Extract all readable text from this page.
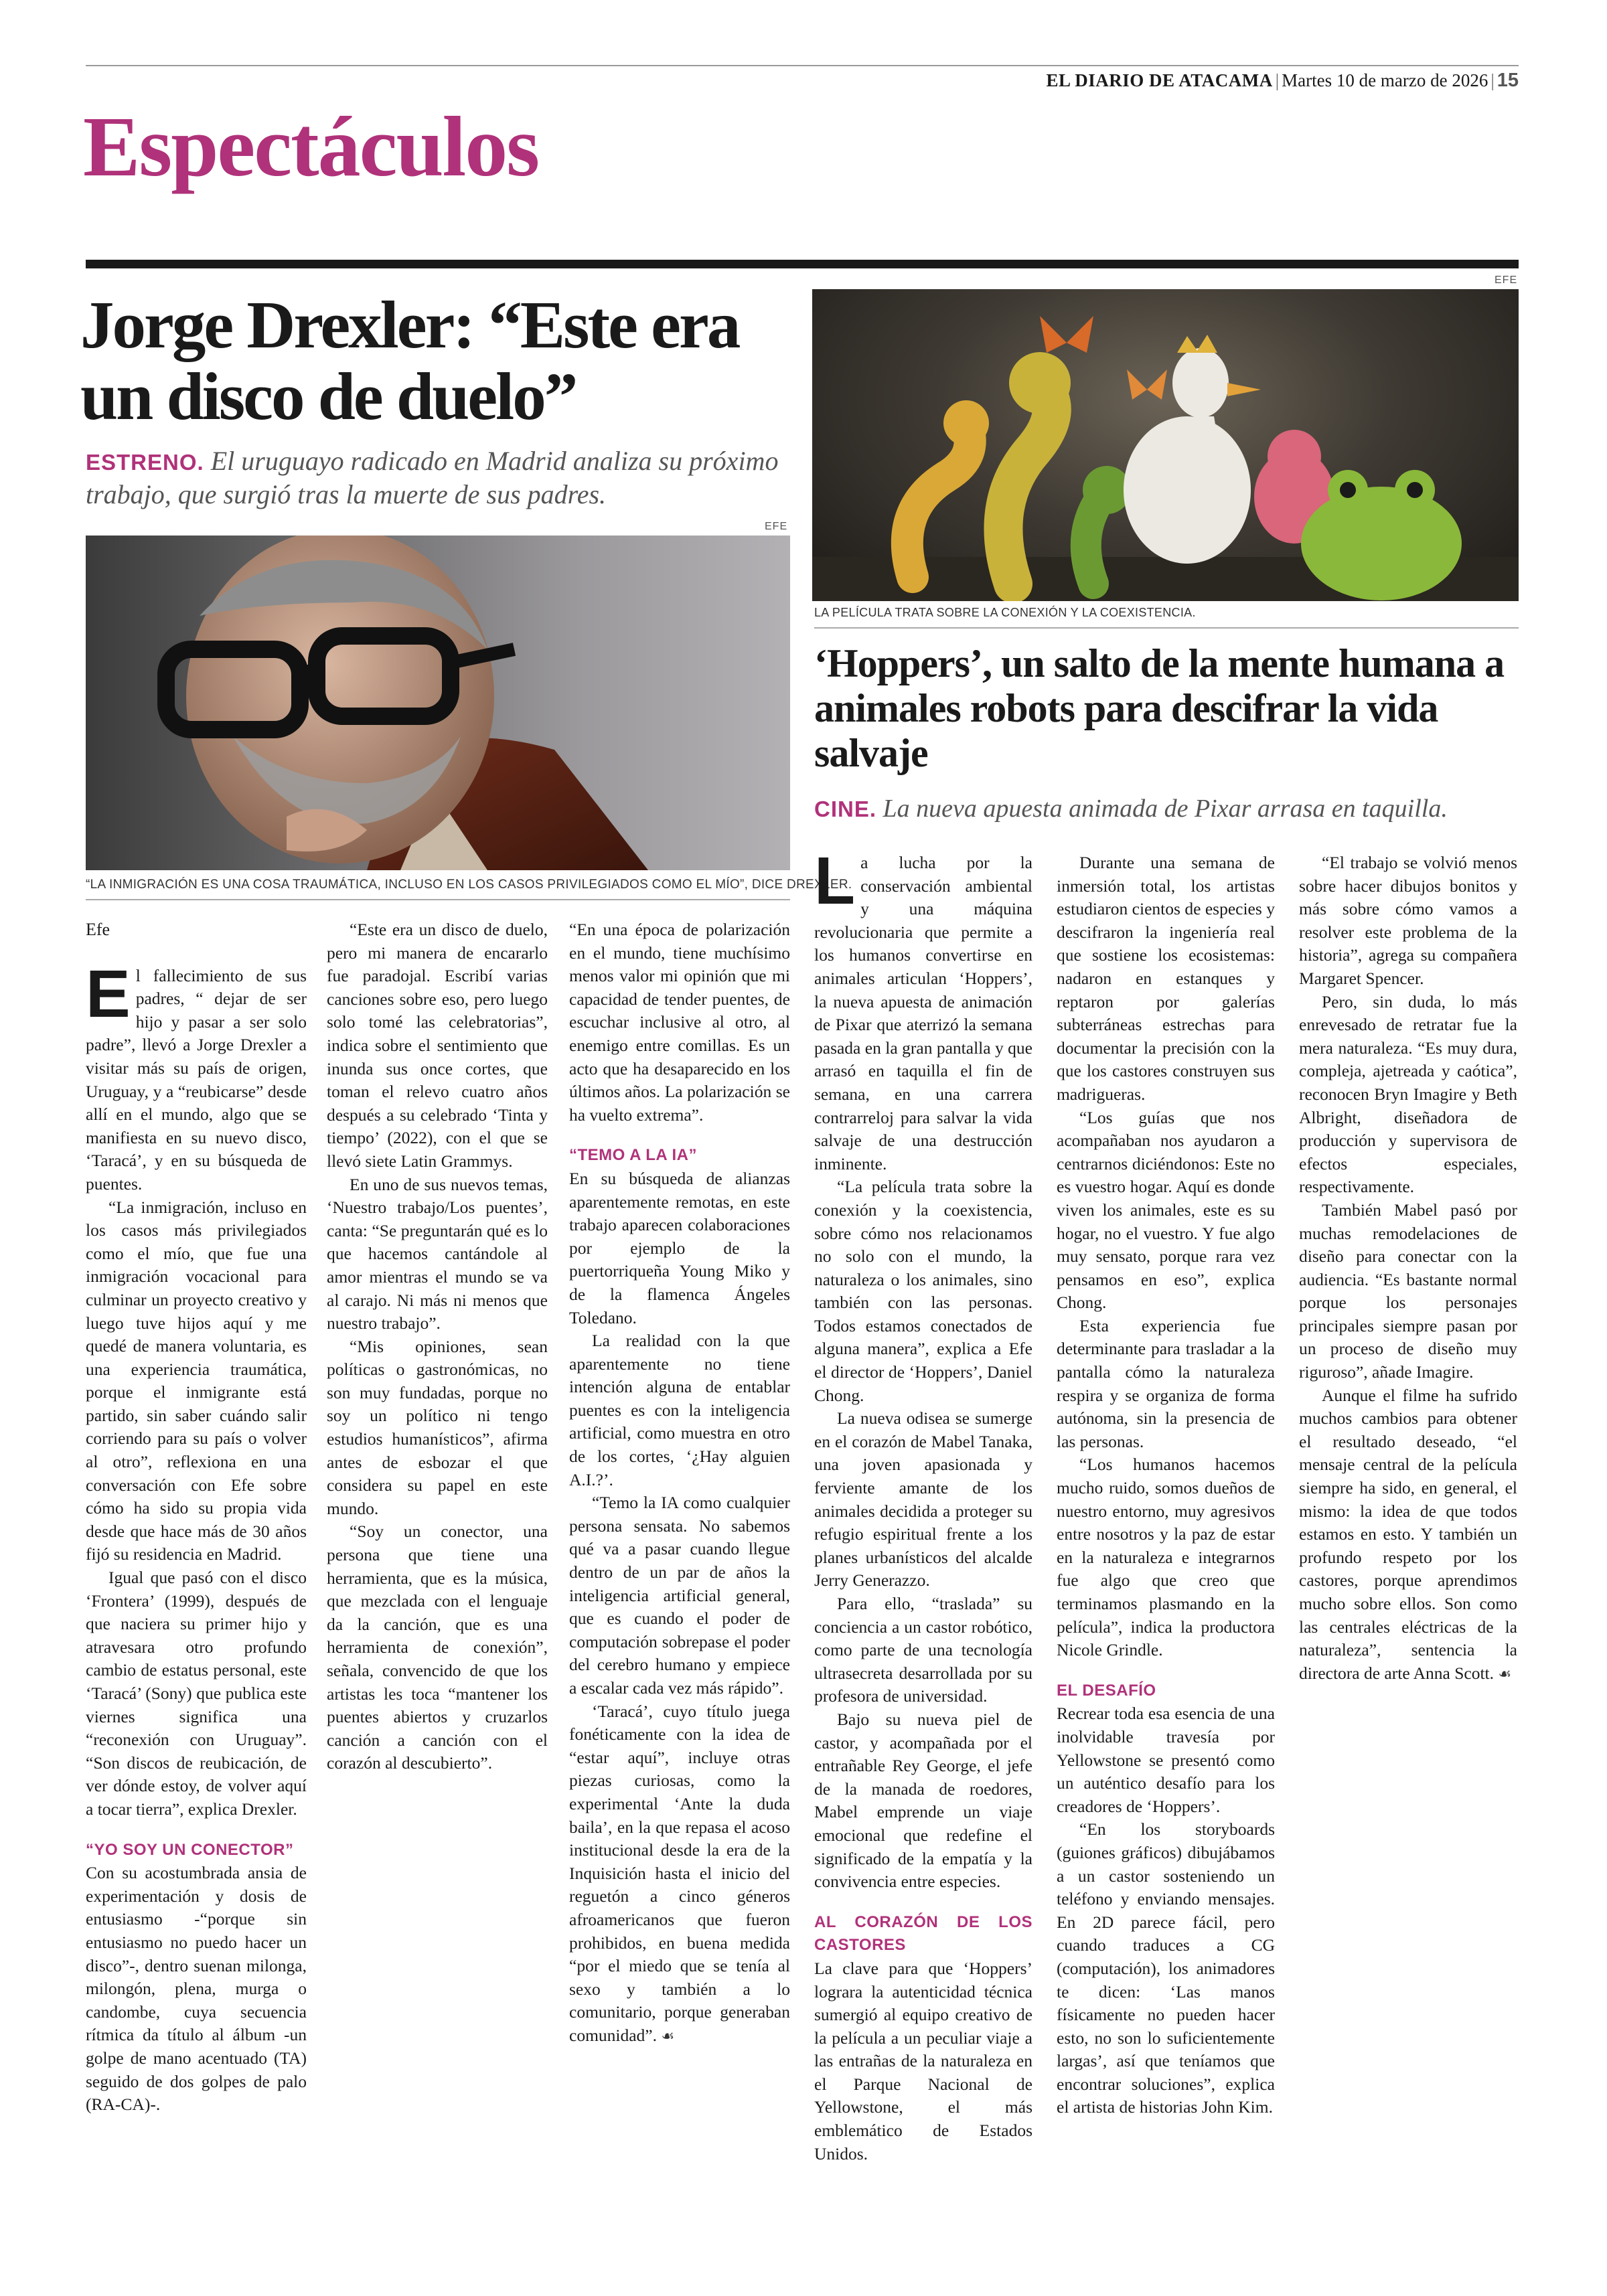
EL DIARIO DE ATACAMA | Martes 10 de marzo de 2026 | 15
Espectáculos
Jorge Drexler: “Este era un disco de duelo”
ESTRENO. El uruguayo radicado en Madrid analiza su próximo trabajo, que surgió tras la muerte de sus padres.
EFE
“LA INMIGRACIÓN ES UNA COSA TRAUMÁTICA, INCLUSO EN LOS CASOS PRIVILEGIADOS COMO EL MÍO”, DICE DREXLER.

Efe

El fallecimiento de sus padres, “ dejar de ser hijo y pasar a ser solo padre”, llevó a Jorge Drexler a visitar más su país de origen, Uruguay, y a “reubicarse” desde allí en el mundo, algo que se manifiesta en su nuevo disco, ‘Taracá’, y en su búsqueda de puentes.

“La inmigración, incluso en los casos más privilegiados como el mío, que fue una inmigración vocacional para culminar un proyecto creativo y luego tuve hijos aquí y me quedé de manera voluntaria, es una experiencia traumática, porque el inmigrante está partido, sin saber cuándo salir corriendo para su país o volver al otro”, reflexiona en una conversación con Efe sobre cómo ha sido su propia vida desde que hace más de 30 años fijó su residencia en Madrid.

Igual que pasó con el disco ‘Frontera’ (1999), después de que naciera su primer hijo y atravesara otro profundo cambio de estatus personal, este ‘Taracá’ (Sony) que publica este viernes significa una “reconexión con Uruguay”. “Son discos de reubicación, de ver dónde estoy, de volver aquí a tocar tierra”, explica Drexler.

“YO SOY UN CONECTOR”

Con su acostumbrada ansia de experimentación y dosis de entusiasmo -“porque sin entusiasmo no puedo hacer un disco”-, dentro suenan milonga, milongón, plena, murga o candombe, cuya secuencia rítmica da título al álbum -un golpe de mano acentuado (TA) seguido de dos golpes de palo (RA-CA)-.

“Este era un disco de duelo, pero mi manera de encararlo fue paradojal. Escribí varias canciones sobre eso, pero luego solo tomé las celebratorias”, indica sobre el sentimiento que inunda sus once cortes, que toman el relevo cuatro años después a su celebrado ‘Tinta y tiempo’ (2022), con el que se llevó siete Latin Grammys.

En uno de sus nuevos temas, ‘Nuestro trabajo/Los puentes’, canta: “Se preguntarán qué es lo que hacemos cantándole al amor mientras el mundo se va al carajo. Ni más ni menos que nuestro trabajo”.

“Mis opiniones, sean políticas o gastronómicas, no son muy fundadas, porque no soy un político ni tengo estudios humanísticos”, afirma antes de esbozar el que considera su papel en este mundo.

“Soy un conector, una persona que tiene una herramienta, que es la música, que mezclada con el lenguaje da la canción, que es una herramienta de conexión”, señala, convencido de que los artistas les toca “mantener los puentes abiertos y cruzarlos canción a canción con el corazón al descubierto”.

“En una época de polarización en el mundo, tiene muchísimo menos valor mi opinión que mi capacidad de tender puentes, de escuchar inclusive al otro, al enemigo entre comillas. Es un acto que ha desaparecido en los últimos años. La polarización se ha vuelto extrema”.

“TEMO A LA IA”

En su búsqueda de alianzas aparentemente remotas, en este trabajo aparecen colaboraciones por ejemplo de la puertorriqueña Young Miko y de la flamenca Ángeles Toledano.

La realidad con la que aparentemente no tiene intención alguna de entablar puentes es con la inteligencia artificial, como muestra en otro de los cortes, ‘¿Hay alguien A.I.?’.

“Temo la IA como cualquier persona sensata. No sabemos qué va a pasar cuando llegue dentro de un par de años la inteligencia artificial general, que es cuando el poder de computación sobrepase el poder del cerebro humano y empiece a escalar cada vez más rápido”.

‘Taracá’, cuyo título juega fonéticamente con la idea de “estar aquí”, incluye otras piezas curiosas, como la experimental ‘Ante la duda baila’, en la que repasa el acoso institucional desde la era de la Inquisición hasta el inicio del reguetón a cinco géneros afroamericanos que fueron prohibidos, en buena medida “por el miedo que se tenía al sexo y también a lo comunitario, porque generaban comunidad”. ☙

EFE
LA PELÍCULA TRATA SOBRE LA CONEXIÓN Y LA COEXISTENCIA.
‘Hoppers’, un salto de la mente humana a animales robots para descifrar la vida salvaje
CINE. La nueva apuesta animada de Pixar arrasa en taquilla.

La lucha por la conservación ambiental y una máquina revolucionaria que permite a los humanos convertirse en animales articulan ‘Hoppers’, la nueva apuesta de animación de Pixar que aterrizó la semana pasada en la gran pantalla y que arrasó en taquilla el fin de semana, en una carrera contrarreloj para salvar la vida salvaje de una destrucción inminente.

“La película trata sobre la conexión y la coexistencia, sobre cómo nos relacionamos no solo con el mundo, la naturaleza o los animales, sino también con las personas. Todos estamos conectados de alguna manera”, explica a Efe el director de ‘Hoppers’, Daniel Chong.

La nueva odisea se sumerge en el corazón de Mabel Tanaka, una joven apasionada y ferviente amante de los animales decidida a proteger su refugio espiritual frente a los planes urbanísticos del alcalde Jerry Generazzo.

Para ello, “traslada” su conciencia a un castor robótico, como parte de una tecnología ultrasecreta desarrollada por su profesora de universidad.

Bajo su nueva piel de castor, y acompañada por el entrañable Rey George, el jefe de la manada de roedores, Mabel emprende un viaje emocional que redefine el significado de la empatía y la convivencia entre especies.

AL CORAZÓN DE LOS CASTORES

La clave para que ‘Hoppers’ lograra la autenticidad técnica sumergió al equipo creativo de la película a un peculiar viaje a las entrañas de la naturaleza en el Parque Nacional de Yellowstone, el más emblemático de Estados Unidos.

Durante una semana de inmersión total, los artistas estudiaron cientos de especies y descifraron la ingeniería real que sostiene los ecosistemas: nadaron en estanques y reptaron por galerías subterráneas estrechas para documentar la precisión con la que los castores construyen sus madrigueras.

“Los guías que nos acompañaban nos ayudaron a centrarnos diciéndonos: Este no es vuestro hogar. Aquí es donde viven los animales, este es su hogar, no el vuestro. Y fue algo muy sensato, porque rara vez pensamos en eso”, explica Chong.

Esta experiencia fue determinante para trasladar a la pantalla cómo la naturaleza respira y se organiza de forma autónoma, sin la presencia de las personas.

“Los humanos hacemos mucho ruido, somos dueños de nuestro entorno, muy agresivos entre nosotros y la paz de estar en la naturaleza e integrarnos fue algo que creo que terminamos plasmando en la película”, indica la productora Nicole Grindle.

EL DESAFÍO

Recrear toda esa esencia de una inolvidable travesía por Yellowstone se presentó como un auténtico desafío para los creadores de ‘Hoppers’.

“En los storyboards (guiones gráficos) dibujábamos a un castor sosteniendo un teléfono y enviando mensajes. En 2D parece fácil, pero cuando traduces a CG (computación), los animadores te dicen: ‘Las manos físicamente no pueden hacer esto, no son lo suficientemente largas’, así que teníamos que encontrar soluciones”, explica el artista de historias John Kim.

“El trabajo se volvió menos sobre hacer dibujos bonitos y más sobre cómo vamos a resolver este problema de la historia”, agrega su compañera Margaret Spencer.

Pero, sin duda, lo más enrevesado de retratar fue la mera naturaleza. “Es muy dura, compleja, ajetreada y caótica”, reconocen Bryn Imagire y Beth Albright, diseñadora de producción y supervisora de efectos especiales, respectivamente.

También Mabel pasó por muchas remodelaciones de diseño para conectar con la audiencia. “Es bastante normal porque los personajes principales siempre pasan por un proceso de diseño muy riguroso”, añade Imagire.

Aunque el filme ha sufrido muchos cambios para obtener el resultado deseado, “el mensaje central de la película siempre ha sido, en general, el mismo: la idea de que todos estamos en esto. Y también un profundo respeto por los castores, porque aprendimos mucho sobre ellos. Son como las centrales eléctricas de la naturaleza”, sentencia la directora de arte Anna Scott. ☙
